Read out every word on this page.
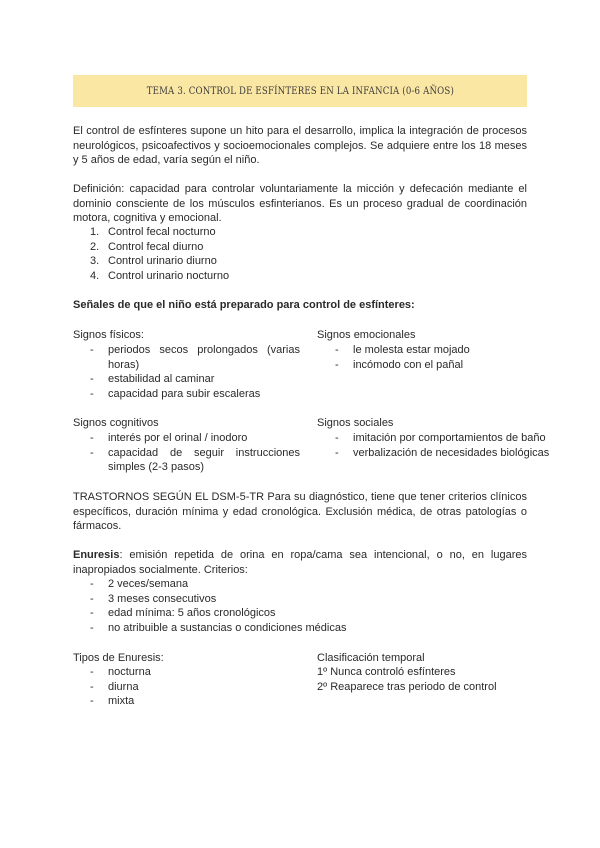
TEMA 3. CONTROL DE ESFÍNTERES EN LA INFANCIA (0-6 AÑOS)

El control de esfínteres supone un hito para el desarrollo, implica la integración de procesos neurológicos, psicoafectivos y socioemocionales complejos. Se adquiere entre los 18 meses y 5 años de edad, varía según el niño.

Definición: capacidad para controlar voluntariamente la micción y defecación mediante el dominio consciente de los músculos esfinterianos. Es un proceso gradual de coordinación motora, cognitiva y emocional.

1. Control fecal nocturno
2. Control fecal diurno
3. Control urinario diurno
4. Control urinario nocturno

Señales de que el niño está preparado para control de esfínteres:

Signos físicos:

- periodos secos prolongados (varias horas)
- estabilidad al caminar
- capacidad para subir escaleras

Signos emocionales

- le molesta estar mojado
- incómodo con el pañal

Signos cognitivos

- interés por el orinal / inodoro
- capacidad de seguir instrucciones simples (2-3 pasos)

Signos sociales

- imitación por comportamientos de baño
- verbalización de necesidades biológicas

TRASTORNOS SEGÚN EL DSM-5-TR Para su diagnóstico, tiene que tener criterios clínicos específicos, duración mínima y edad cronológica. Exclusión médica, de otras patologías o fármacos.

Enuresis: emisión repetida de orina en ropa/cama sea intencional, o no, en lugares inapropiados socialmente. Criterios:

- 2 veces/semana
- 3 meses consecutivos
- edad mínima: 5 años cronológicos
- no atribuible a sustancias o condiciones médicas

Tipos de Enuresis:

- nocturna
- diurna
- mixta

Clasificación temporal

1º Nunca controló esfínteres

2º Reaparece tras periodo de control
